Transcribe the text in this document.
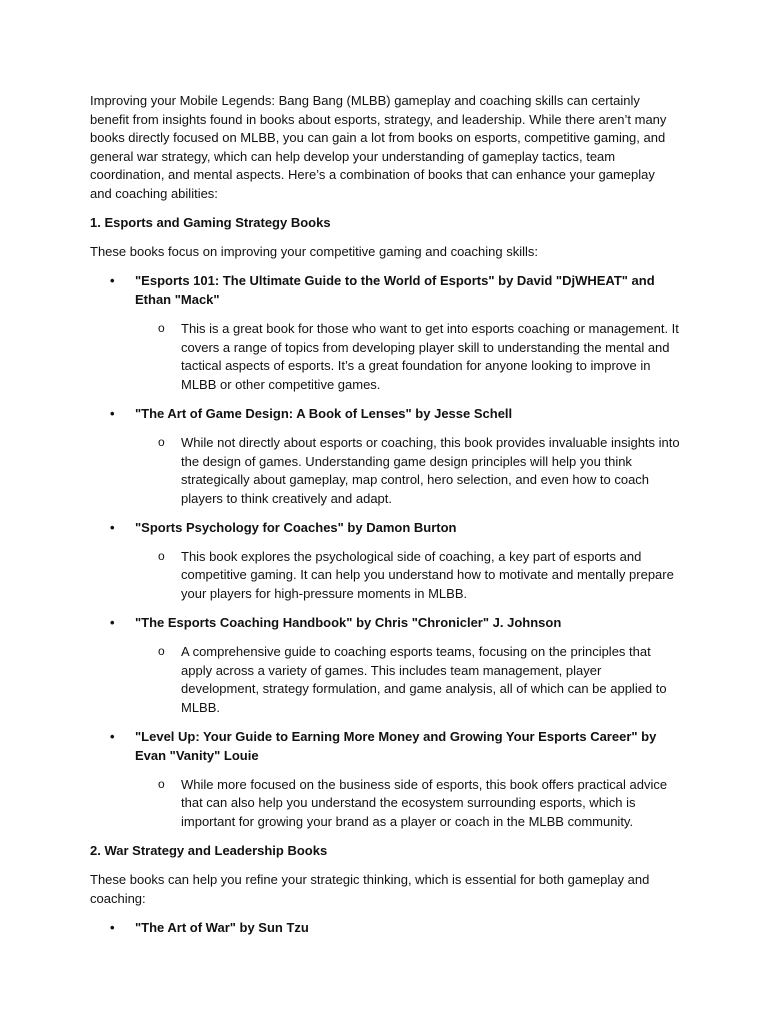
Improving your Mobile Legends: Bang Bang (MLBB) gameplay and coaching skills can certainly benefit from insights found in books about esports, strategy, and leadership. While there aren’t many books directly focused on MLBB, you can gain a lot from books on esports, competitive gaming, and general war strategy, which can help develop your understanding of gameplay tactics, team coordination, and mental aspects. Here’s a combination of books that can enhance your gameplay and coaching abilities:

1. Esports and Gaming Strategy Books

These books focus on improving your competitive gaming and coaching skills:

• "Esports 101: The Ultimate Guide to the World of Esports" by David "DjWHEAT" and Ethan "Mack"
o This is a great book for those who want to get into esports coaching or management. It covers a range of topics from developing player skill to understanding the mental and tactical aspects of esports. It’s a great foundation for anyone looking to improve in MLBB or other competitive games.
• "The Art of Game Design: A Book of Lenses" by Jesse Schell
o While not directly about esports or coaching, this book provides invaluable insights into the design of games. Understanding game design principles will help you think strategically about gameplay, map control, hero selection, and even how to coach players to think creatively and adapt.
• "Sports Psychology for Coaches" by Damon Burton
o This book explores the psychological side of coaching, a key part of esports and competitive gaming. It can help you understand how to motivate and mentally prepare your players for high-pressure moments in MLBB.
• "The Esports Coaching Handbook" by Chris "Chronicler" J. Johnson
o A comprehensive guide to coaching esports teams, focusing on the principles that apply across a variety of games. This includes team management, player development, strategy formulation, and game analysis, all of which can be applied to MLBB.
• "Level Up: Your Guide to Earning More Money and Growing Your Esports Career" by Evan "Vanity" Louie
o While more focused on the business side of esports, this book offers practical advice that can also help you understand the ecosystem surrounding esports, which is important for growing your brand as a player or coach in the MLBB community.

2. War Strategy and Leadership Books

These books can help you refine your strategic thinking, which is essential for both gameplay and coaching:

• "The Art of War" by Sun Tzu
